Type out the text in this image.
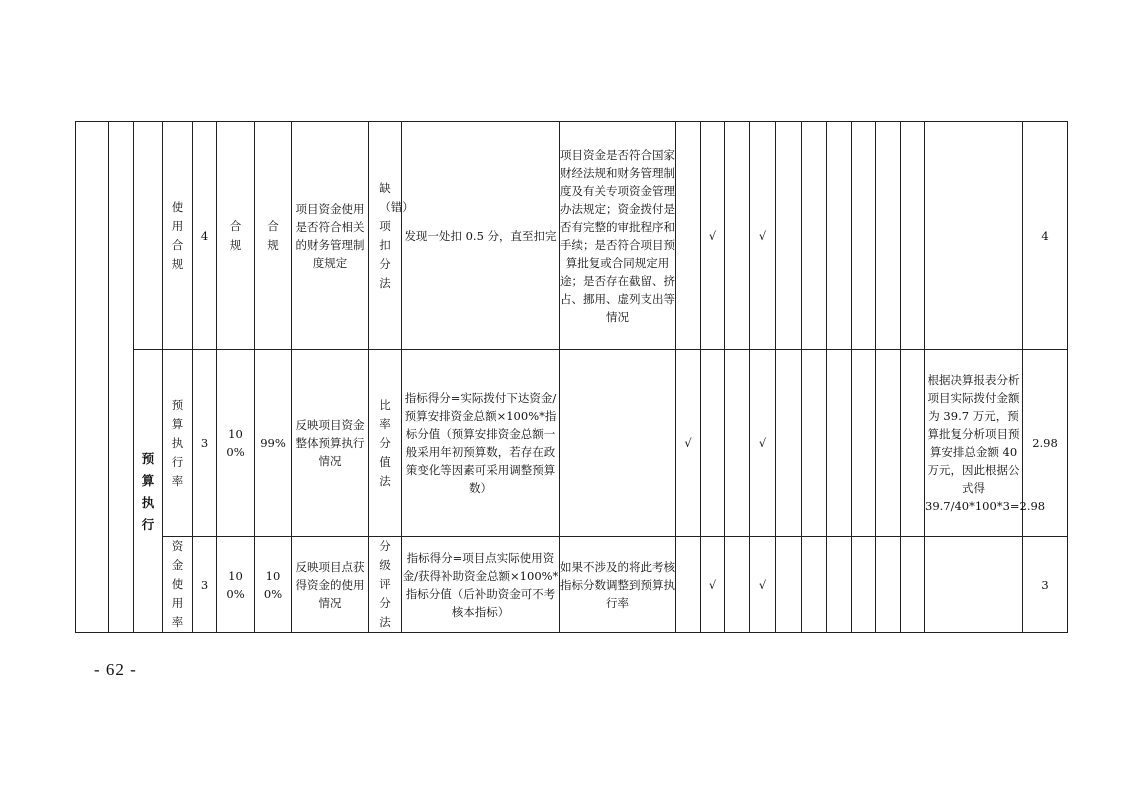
			使用合规	4	合规	合规	项目资金使用是否符合相关的财务管理制度规定	缺（错）项扣分法	发现一处扣 0.5 分，直至扣完	项目资金是否符合国家财经法规和财务管理制度及有关专项资金管理办法规定；资金拨付是否有完整的审批程序和手续；是否符合项目预算批复或合同规定用途；是否存在截留、挤占、挪用、虚列支出等情况		√		√								4

		预算执行	预算执行率	3	100%	99%	反映项目资金整体预算执行情况	比率分值法	指标得分=实际拨付下达资金/预算安排资金总额×100%*指标分值（预算安排资金总额一般采用年初预算数，若存在政策变化等因素可采用调整预算数）		√			√							根据决算报表分析项目实际拨付金额为 39.7 万元，预算批复分析项目预算安排总金额 40 万元，因此根据公式得 39.7/40*100*3=2.98	2.98

			资金使用率	3	100%	100%	反映项目点获得资金的使用情况	分级评分法	指标得分=项目点实际使用资金/获得补助资金总额×100%*指标分值（后补助资金可不考核本指标）	如果不涉及的将此考核指标分数调整到预算执行率		√		√								3
- 62 -
